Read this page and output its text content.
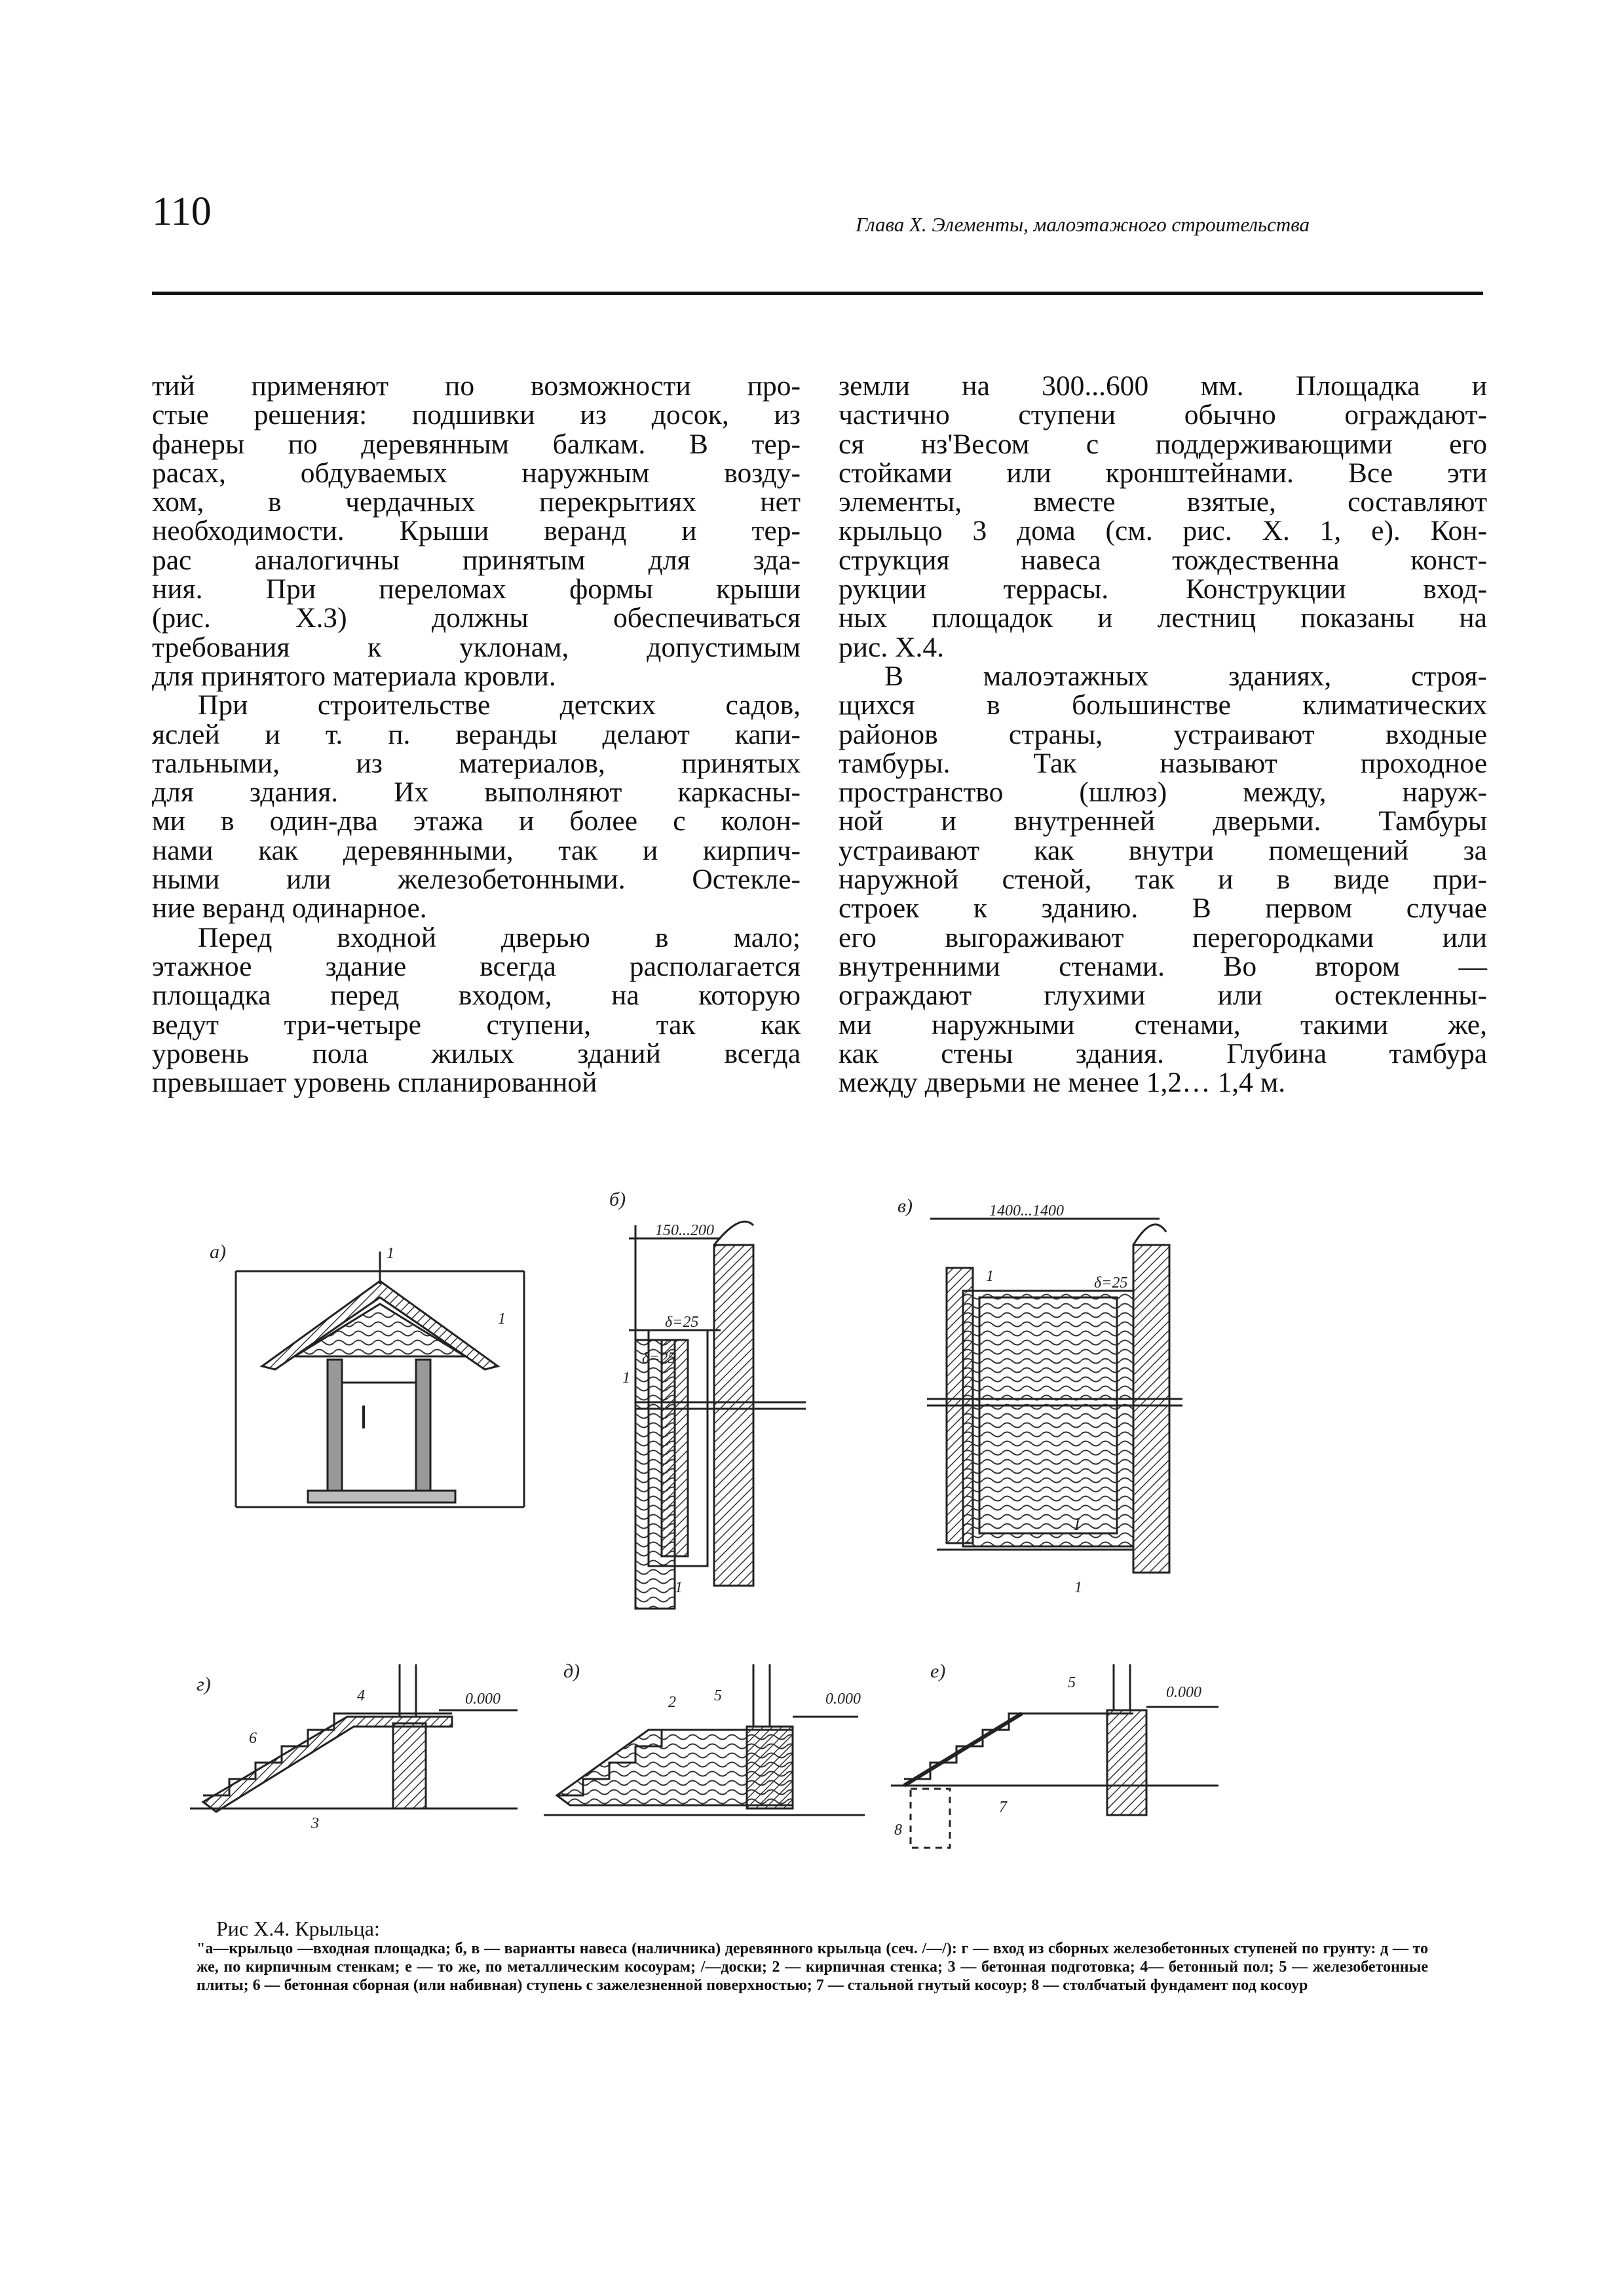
110	Глава X. Элементы, малоэтажного строительства

тий применяют по возможности про-
стые решения: подшивки из досок, из
фанеры по деревянным балкам. В тер-
расах, обдуваемых наружным возду-
хом, в чердачных перекрытиях нет
необходимости. Крыши веранд и тер-
рас аналогичны принятым для зда-
ния. При переломах формы крыши
(рис. Х.З) должны обеспечиваться
требования к уклонам, допустимым
для принятого материала кровли.

При строительстве детских садов,
яслей и т. п. веранды делают капи-
тальными, из материалов, принятых
для здания. Их выполняют каркасны-
ми в один-два этажа и более с колон-
нами как деревянными, так и кирпич-
ными или железобетонными. Остекле-
ние веранд одинарное.

Перед входной дверью в мало;
этажное здание всегда располагается
площадка перед входом, на которую
ведут три-четыре ступени, так как
уровень пола жилых зданий всегда
превышает уровень спланированной

земли на 300...600 мм. Площадка и
частично ступени обычно ограждают-
ся нз'Весом с поддерживающими его
стойками или кронштейнами. Все эти
элементы, вместе взятые, составляют
крыльцо 3 дома (см. рис. X. 1, е). Кон-
струкция навеса тождественна конст-
рукции террасы. Конструкции вход-
ных площадок и лестниц показаны на
рис. Х.4.

В малоэтажных зданиях, строя-
щихся в большинстве климатических
районов страны, устраивают входные
тамбуры. Так называют проходное
пространство (шлюз) между, наруж-
ной и внутренней дверьми. Тамбуры
устраивают как внутри помещений за
наружной стеной, так и в виде при-
строек к зданию. В первом случае
его выгораживают перегородками или
внутренними стенами. Во втором —
ограждают глухими или остекленны-
ми наружными стенами, такими же,
как стены здания. Глубина тамбура
между дверьми не менее 1,2… 1,4 м.

а)
б)	в)
г)
д)	е)
1
1
1
1
1
1
2
3
4	5
5
6
7
8
150...200
1400...1400
δ=25
δ=25
δ=25
0.000	0.000	0.000
I
Рис X.4. Крыльца:
"а—крыльцо —входная площадка; б, в — варианты навеса (наличника) деревянного крыльца (сеч. /—/): г — вход из сборных железобетонных ступеней по грунту: д — то же, по кирпичным стенкам; е — то же, по металлическим косоурам; /—доски; 2 — кирпичная стенка; 3 — бетонная подготовка; 4— бетонный пол; 5 — железобетонные плиты; 6 — бетонная сборная (или набивная) ступень с зажелезненной поверхностью; 7 — стальной гнутый косоур; 8 — столбчатый фундамент под косоур
